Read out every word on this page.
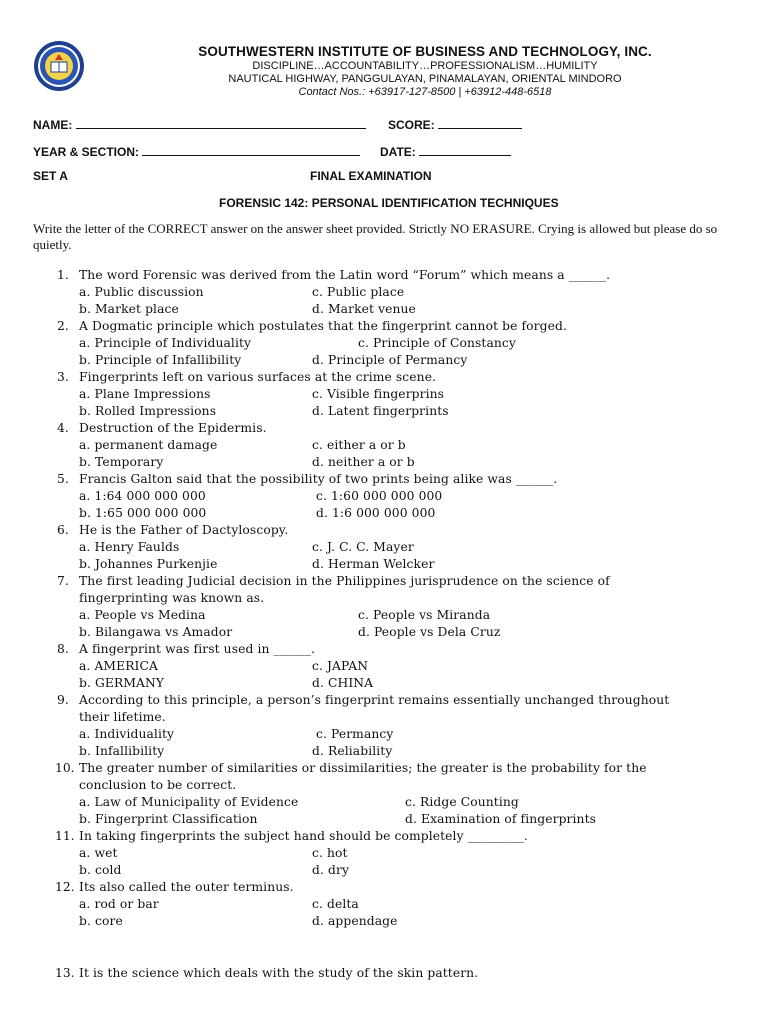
SOUTHWESTERN INSTITUTE OF BUSINESS AND TECHNOLOGY, INC.
DISCIPLINE…ACCOUNTABILITY…PROFESSIONALISM…HUMILITY
NAUTICAL HIGHWAY, PANGGULAYAN, PINAMALAYAN, ORIENTAL MINDORO
Contact Nos.: +63917-127-8500 | +63912-448-6518
NAME:	SCORE:
YEAR & SECTION:	DATE:
SET A	FINAL EXAMINATION
FORENSIC 142: PERSONAL IDENTIFICATION TECHNIQUES
Write the letter of the CORRECT answer on the answer sheet provided. Strictly NO ERASURE. Crying is allowed but please do so quietly.
1. The word Forensic was derived from the Latin word “Forum” which means a ______.
a. Public discussion	c. Public place
b. Market place	d. Market venue
2. A Dogmatic principle which postulates that the fingerprint cannot be forged.
a. Principle of Individuality	c. Principle of Constancy
b. Principle of Infallibility	d. Principle of Permancy
3. Fingerprints left on various surfaces at the crime scene.
a. Plane Impressions	c. Visible fingerprins
b. Rolled Impressions	d. Latent fingerprints
4. Destruction of the Epidermis.
a. permanent damage	c. either a or b
b. Temporary	d. neither a or b
5. Francis Galton said that the possibility of two prints being alike was ______.
a. 1:64 000 000 000	c. 1:60 000 000 000
b. 1:65 000 000 000	d. 1:6 000 000 000
6. He is the Father of Dactyloscopy.
a. Henry Faulds	c. J. C. C. Mayer
b. Johannes Purkenjie	d. Herman Welcker
7. The first leading Judicial decision in the Philippines jurisprudence on the science of
fingerprinting was known as.
a. People vs Medina	c. People vs Miranda
b. Bilangawa vs Amador	d. People vs Dela Cruz
8. A fingerprint was first used in ______.
a. AMERICA	c. JAPAN
b. GERMANY	d. CHINA
9. According to this principle, a person’s fingerprint remains essentially unchanged throughout
their lifetime.
a. Individuality	c. Permancy
b. Infallibility	d. Reliability
10. The greater number of similarities or dissimilarities; the greater is the probability for the
conclusion to be correct.
a. Law of Municipality of Evidence	c. Ridge Counting
b. Fingerprint Classification	d. Examination of fingerprints
11. In taking fingerprints the subject hand should be completely _________.
a. wet	c. hot
b. cold	d. dry
12. Its also called the outer terminus.
a. rod or bar	c. delta
b. core	d. appendage
13. It is the science which deals with the study of the skin pattern.
